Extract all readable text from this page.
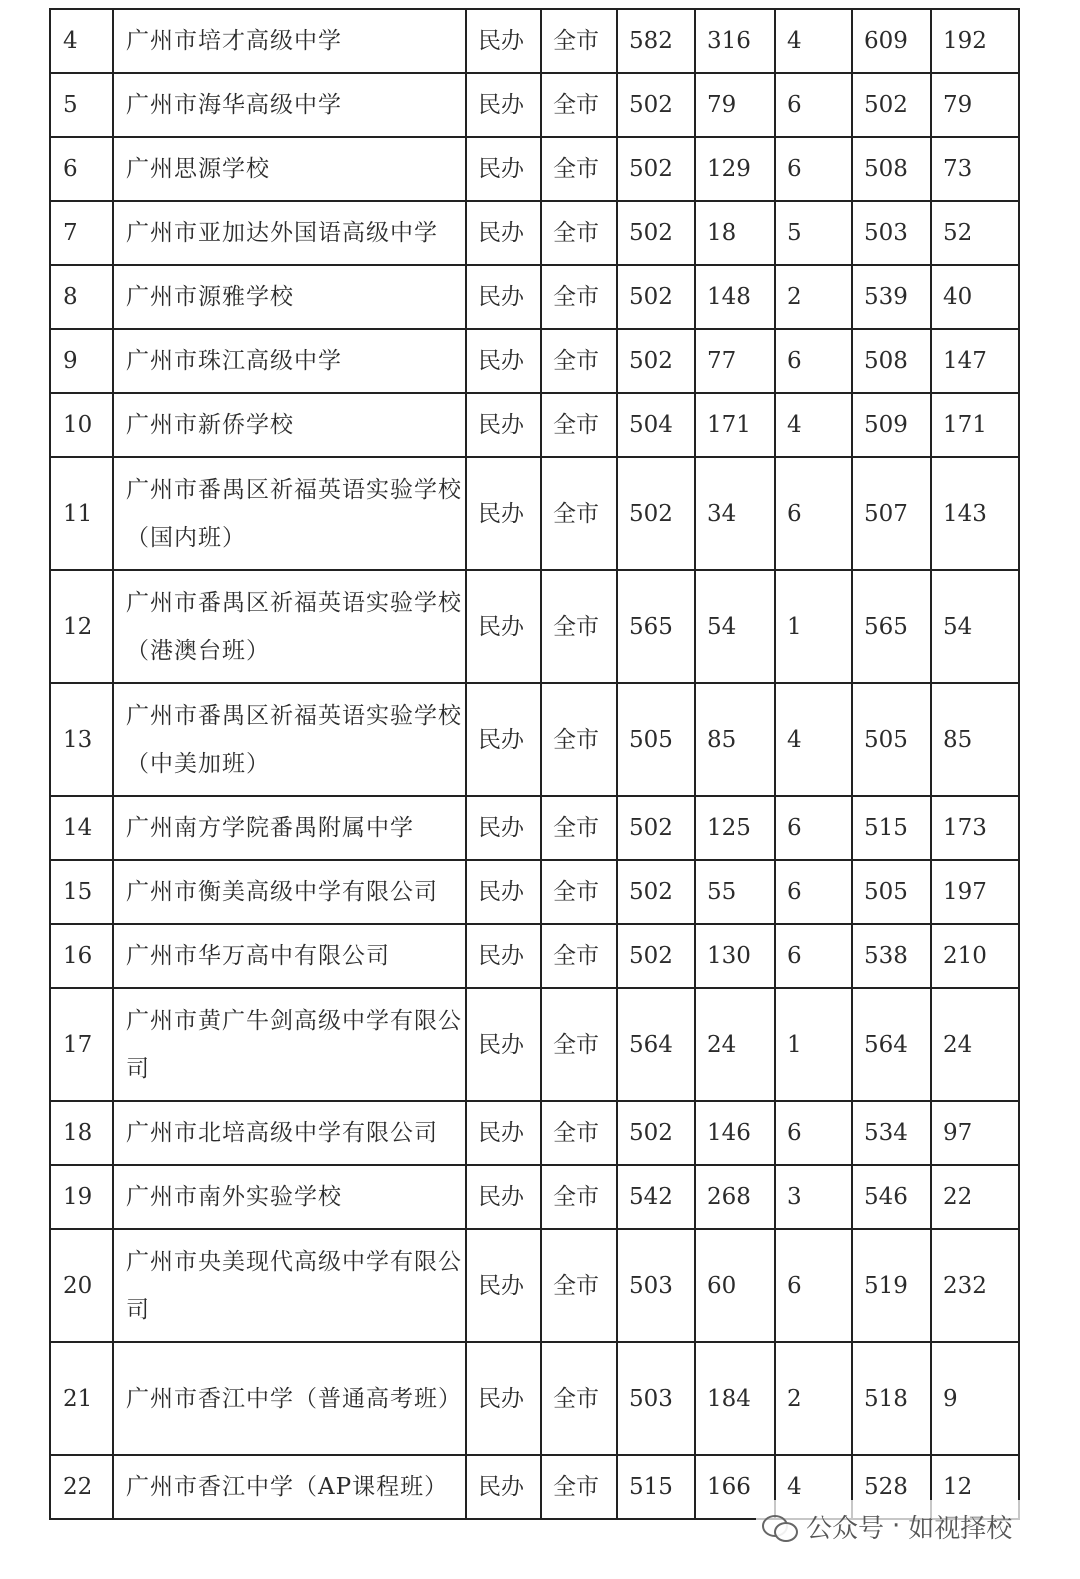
4	广州市培才高级中学	民办	全市	582	316	4	609	192
5	广州市海华高级中学	民办	全市	502	79	6	502	79
6	广州思源学校	民办	全市	502	129	6	508	73
7	广州市亚加达外国语高级中学	民办	全市	502	18	5	503	52
8	广州市源雅学校	民办	全市	502	148	2	539	40
9	广州市珠江高级中学	民办	全市	502	77	6	508	147
10	广州市新侨学校	民办	全市	504	171	4	509	171
11	广州市番禺区祈福英语实验学校（国内班）	民办	全市	502	34	6	507	143
12	广州市番禺区祈福英语实验学校（港澳台班）	民办	全市	565	54	1	565	54
13	广州市番禺区祈福英语实验学校（中美加班）	民办	全市	505	85	4	505	85
14	广州南方学院番禺附属中学	民办	全市	502	125	6	515	173
15	广州市衡美高级中学有限公司	民办	全市	502	55	6	505	197
16	广州市华万高中有限公司	民办	全市	502	130	6	538	210
17	广州市黄广牛剑高级中学有限公司	民办	全市	564	24	1	564	24
18	广州市北培高级中学有限公司	民办	全市	502	146	6	534	97
19	广州市南外实验学校	民办	全市	542	268	3	546	22
20	广州市央美现代高级中学有限公司	民办	全市	503	60	6	519	232
21	广州市香江中学（普通高考班）	民办	全市	503	184	2	518	9
22	广州市香江中学（AP课程班）	民办	全市	515	166	4	528	12
公众号 · 如视择校
